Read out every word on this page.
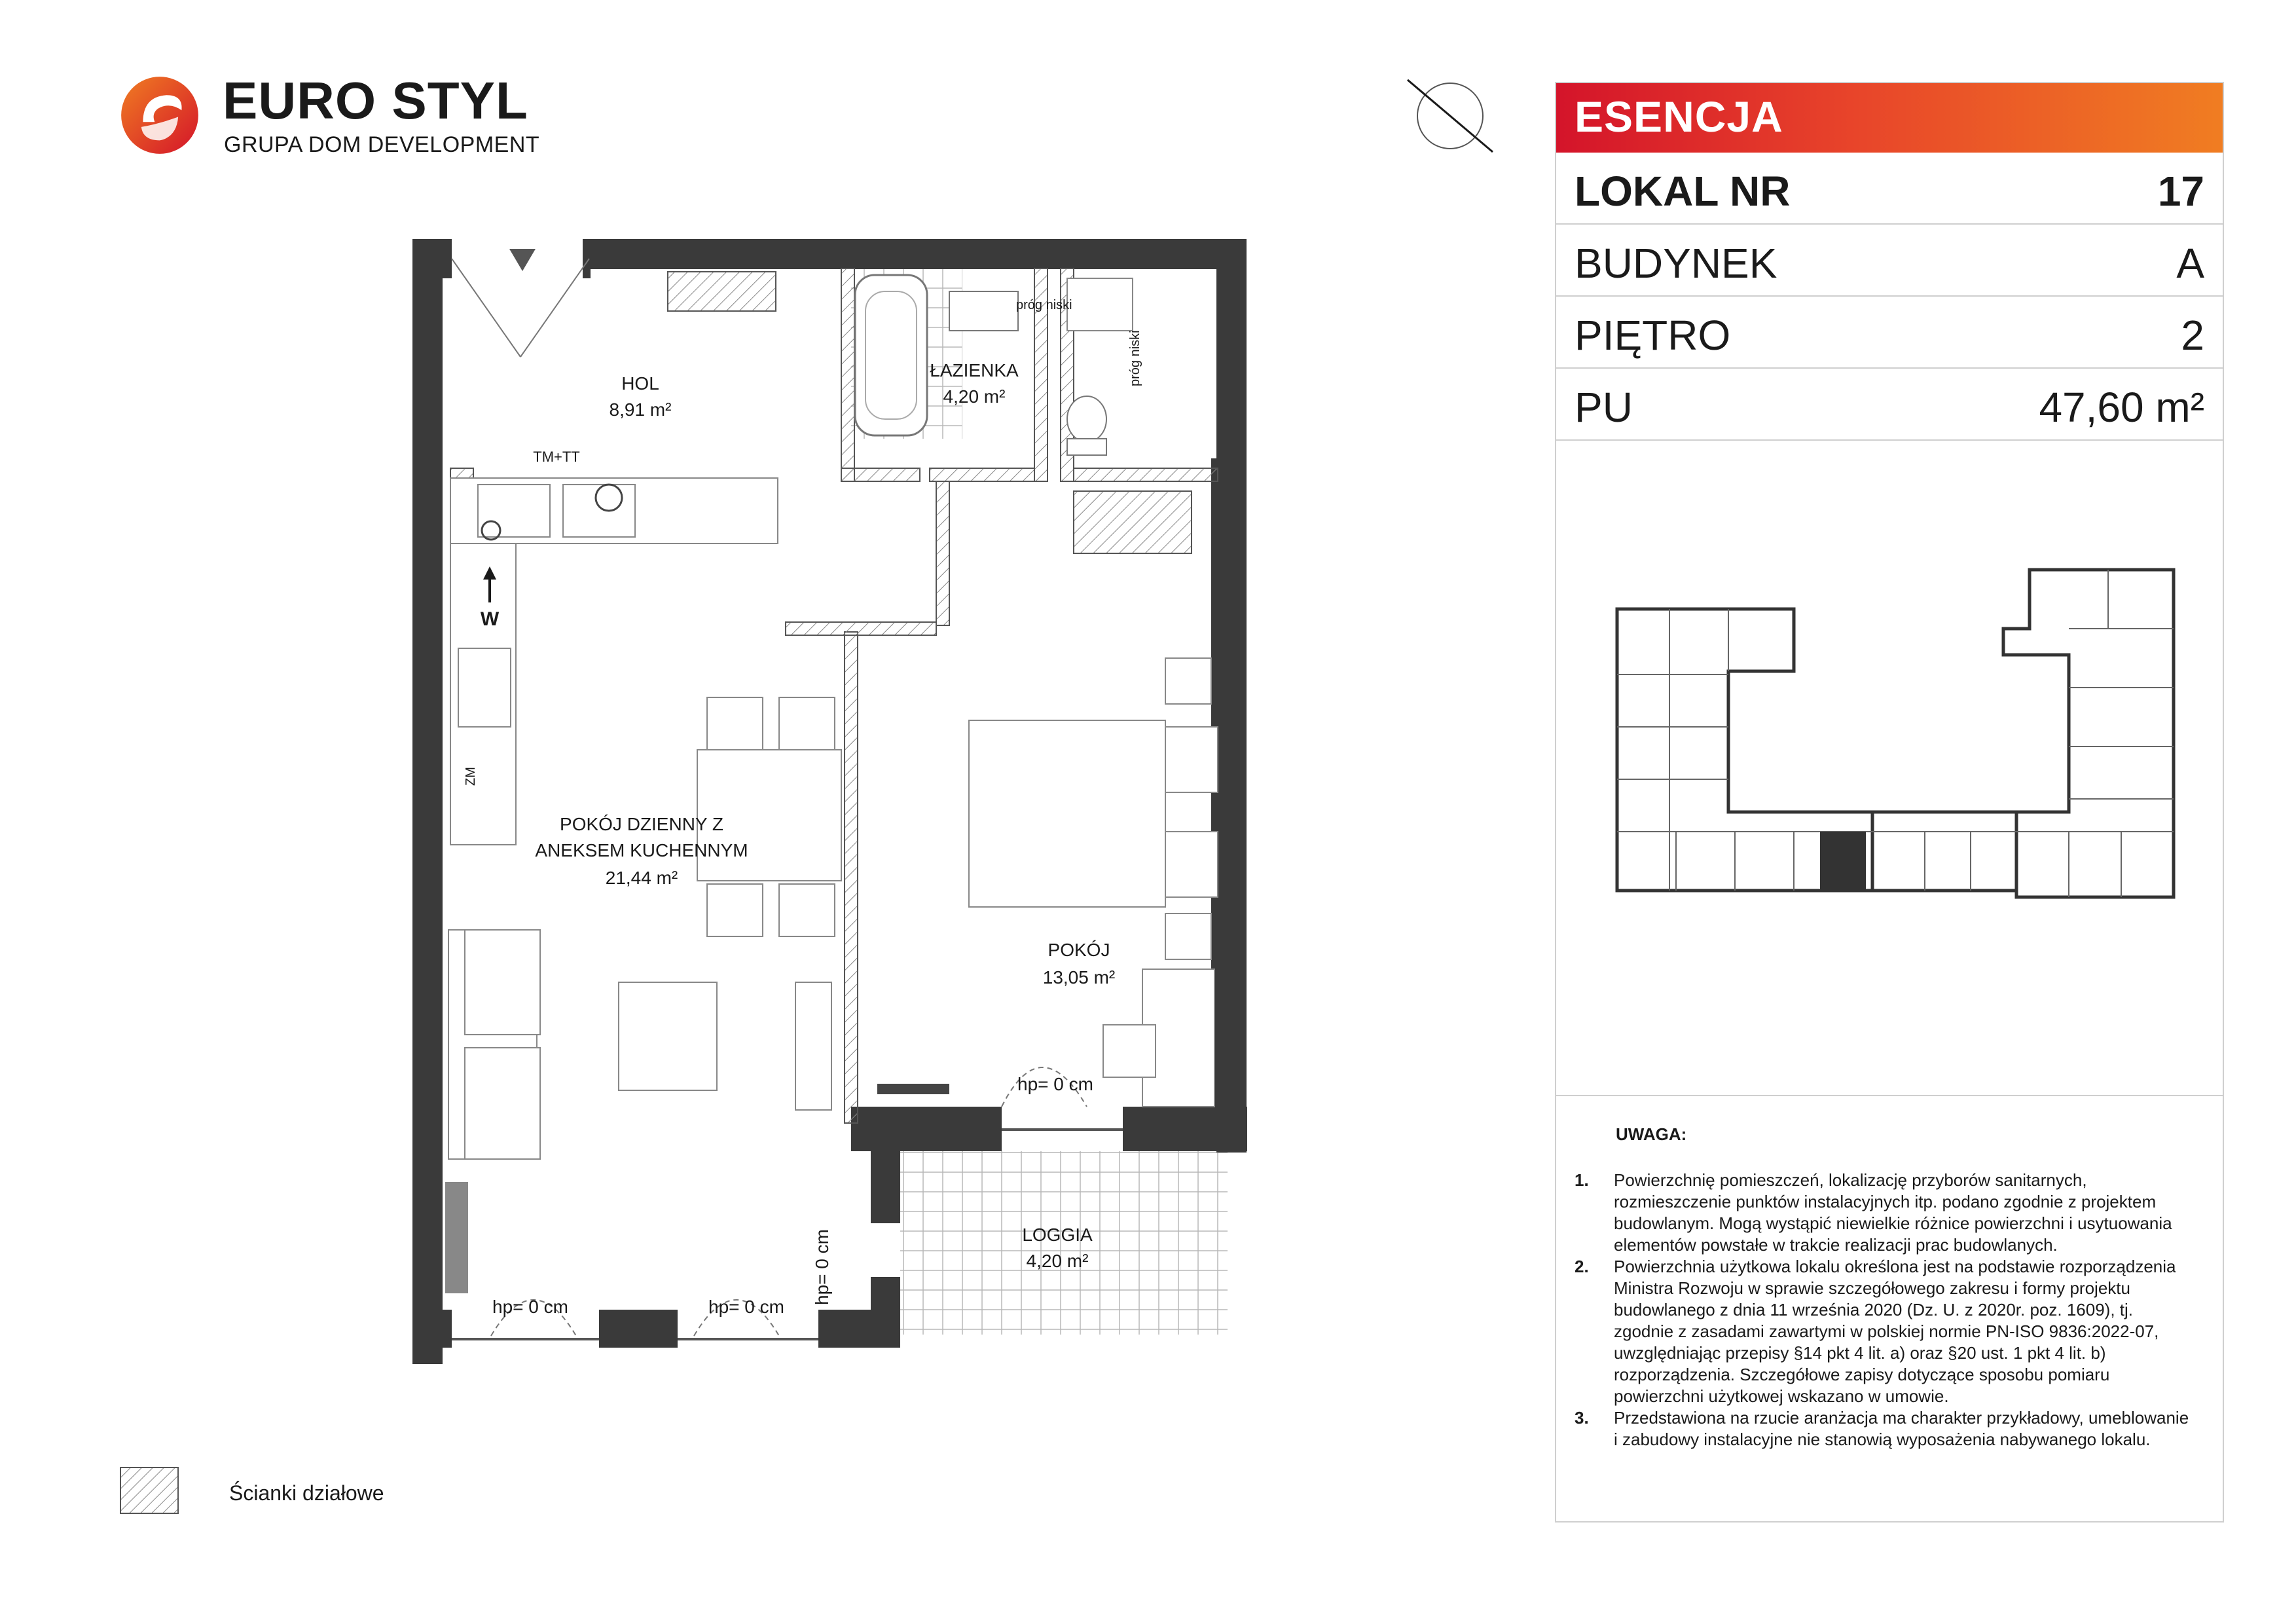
EURO STYL
GRUPA DOM DEVELOPMENT
ESENCJA
LOKAL NR	17
BUDYNEK	A
PIĘTRO	2
PU	47,60 m²
UWAGA:
1. Powierzchnię pomieszczeń, lokalizację przyborów sanitarnych, rozmieszczenie punktów instalacyjnych itp. podano zgodnie z projektem budowlanym. Mogą wystąpić niewielkie różnice powierzchni i usytuowania elementów powstałe w trakcie realizacji prac budowlanych.
2. Powierzchnia użytkowa lokalu określona jest na podstawie rozporządzenia Ministra Rozwoju w sprawie szczegółowego zakresu i formy projektu budowlanego z dnia 11 września 2020 (Dz. U. z 2020r. poz. 1609), tj. zgodnie z zasadami zawartymi w polskiej normie PN-ISO 9836:2022-07, uwzględniając przepisy §14 pkt 4 lit. a) oraz §20 ust. 1 pkt 4 lit. b) rozporządzenia. Szczegółowe zapisy dotyczące sposobu pomiaru powierzchni użytkowej wskazano w umowie.
3. Przedstawiona na rzucie aranżacja ma charakter przykładowy, umeblowanie i zabudowy instalacyjne nie stanowią wyposażenia nabywanego lokalu.
HOL
8,91 m²
ŁAZIENKA
4,20 m²
POKÓJ DZIENNY Z
ANEKSEM KUCHENNYM
21,44 m²
POKÓJ
13,05 m²
LOGGIA
4,20 m²
TM+TT
próg niski
próg niski
W
ZM
hp= 0 cm	hp= 0 cm
hp= 0 cm
hp= 0 cm
Ścianki działowe
